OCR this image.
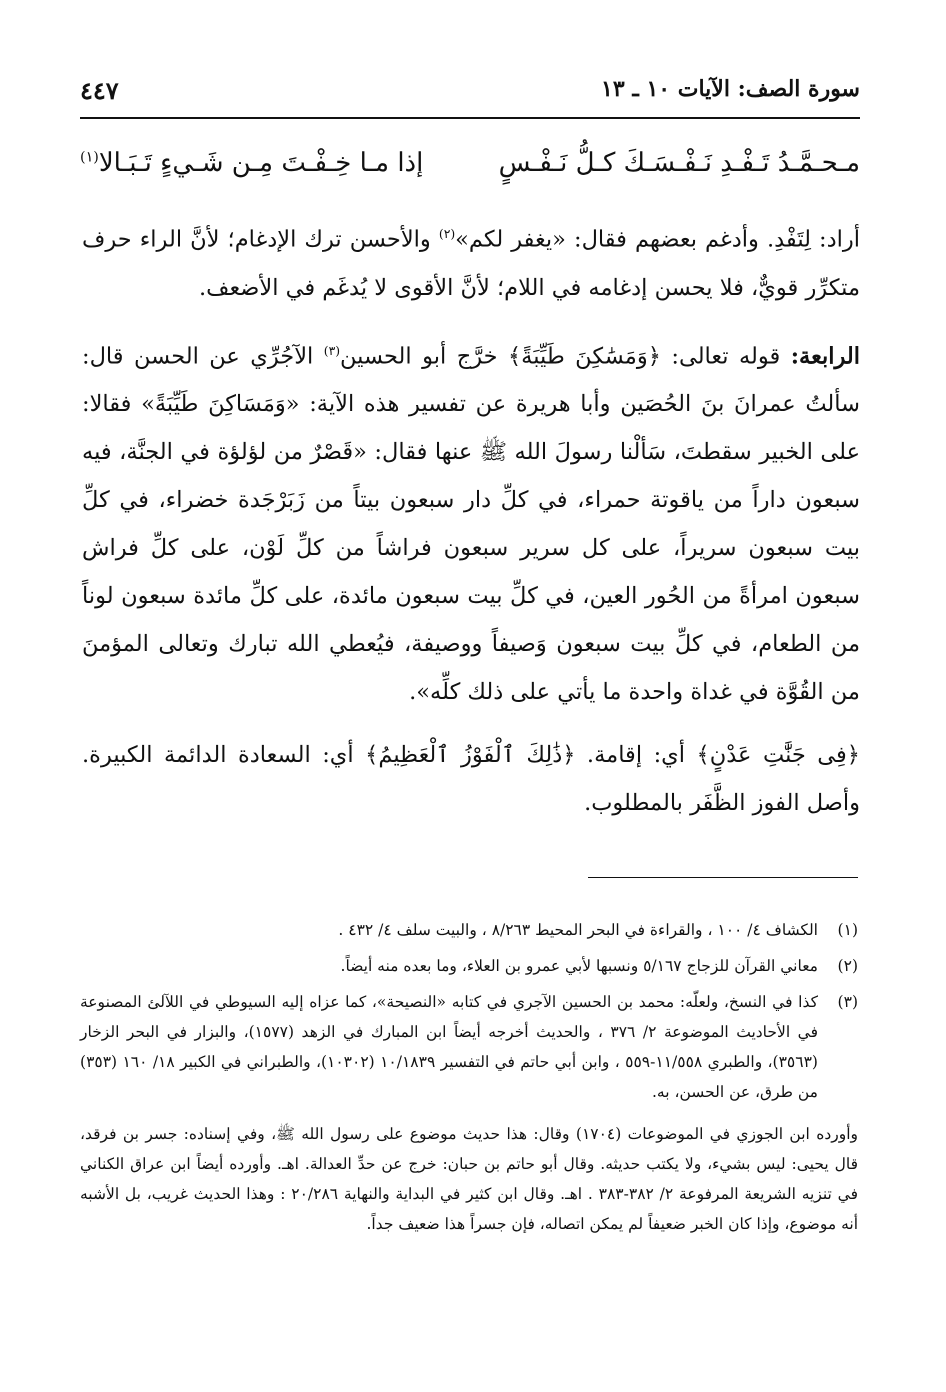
سورة الصف: الآيات ١٠ ـ ١٣
٤٤٧
مـحـمَّـدُ تَـفْـدِ نَـفْـسَـكَ كـلُّ نَـفْـسٍ
إذا مـا خِـفْـتَ مِـن شَـيءٍ تَـبَـالا$^{(١)}$

أراد: لِتَفْدِ. وأدغم بعضهم فقال: «يغفر لكم»$^{(٢)}$ والأحسن ترك الإدغام؛ لأنَّ الراء حرف متكرِّر قويٌّ، فلا يحسن إدغامه في اللام؛ لأنَّ الأقوى لا يُدغَم في الأضعف.

الرابعة: قوله تعالى: ﴿وَمَسَٰكِنَ طَيِّبَةً﴾ خرَّج أبو الحسين$^{(٣)}$ الآجُرِّي عن الحسن قال: سألتُ عمرانَ بنَ الحُصَين وأبا هريرة عن تفسير هذه الآية: «وَمَسَاكِنَ طَيِّبَةً» فقالا: على الخبير سقطتَ، سَألْنا رسولَ الله ﷺ عنها فقال: «قَصْرٌ من لؤلؤة في الجنَّة، فيه سبعون داراً من ياقوتة حمراء، في كلِّ دار سبعون بيتاً من زَبَرْجَدة خضراء، في كلِّ بيت سبعون سريراً، على كل سرير سبعون فراشاً من كلِّ لَوْن، على كلِّ فراش سبعون امرأةً من الحُور العين، في كلِّ بيت سبعون مائدة، على كلِّ مائدة سبعون لوناً من الطعام، في كلِّ بيت سبعون وَصيفاً ووصيفة، فيُعطي الله تبارك وتعالى المؤمنَ من القُوَّة في غداة واحدة ما يأتي على ذلك كلِّه».

﴿فِى جَنَّٰتِ عَدْنٍ﴾ أي: إقامة. ﴿ذَٰلِكَ ٱلْفَوْزُ ٱلْعَظِيمُ﴾ أي: السعادة الدائمة الكبيرة. وأصل الفوز الظَّفَر بالمطلوب.

(١)
الكشاف ٤/ ١٠٠ ، والقراءة في البحر المحيط ٨/٢٦٣ ، والبيت سلف ٤/ ٤٣٢ .
(٢)
معاني القرآن للزجاج ٥/١٦٧ ونسبها لأبي عمرو بن العلاء، وما بعده منه أيضاً.
(٣)
كذا في النسخ، ولعلّه: محمد بن الحسين الآجري في كتابه «النصيحة»، كما عزاه إليه السيوطي في اللآلئ المصنوعة في الأحاديث الموضوعة ٢/ ٣٧٦ ، والحديث أخرجه أيضاً ابن المبارك في الزهد (١٥٧٧)، والبزار في البحر الزخار (٣٥٦٣)، والطبري ١١/٥٥٨-٥٥٩ ، وابن أبي حاتم في التفسير ١٠/١٨٣٩ (١٠٣٠٢)، والطبراني في الكبير ١٨/ ١٦٠ (٣٥٣) من طرق، عن الحسن، به.
وأورده ابن الجوزي في الموضوعات (١٧٠٤) وقال: هذا حديث موضوع على رسول الله ﷺ، وفي إسناده: جسر بن فرقد، قال يحيى: ليس بشيء، ولا يكتب حديثه. وقال أبو حاتم بن حبان: خرج عن حدِّ العدالة. اهـ. وأورده أيضاً ابن عراق الكناني في تنزيه الشريعة المرفوعة ٢/ ٣٨٢-٣٨٣ . اهـ. وقال ابن كثير في البداية والنهاية ٢٠/٢٨٦ : وهذا الحديث غريب، بل الأشبه أنه موضوع، وإذا كان الخبر ضعيفاً لم يمكن اتصاله، فإن جسراً هذا ضعيف جداً.
